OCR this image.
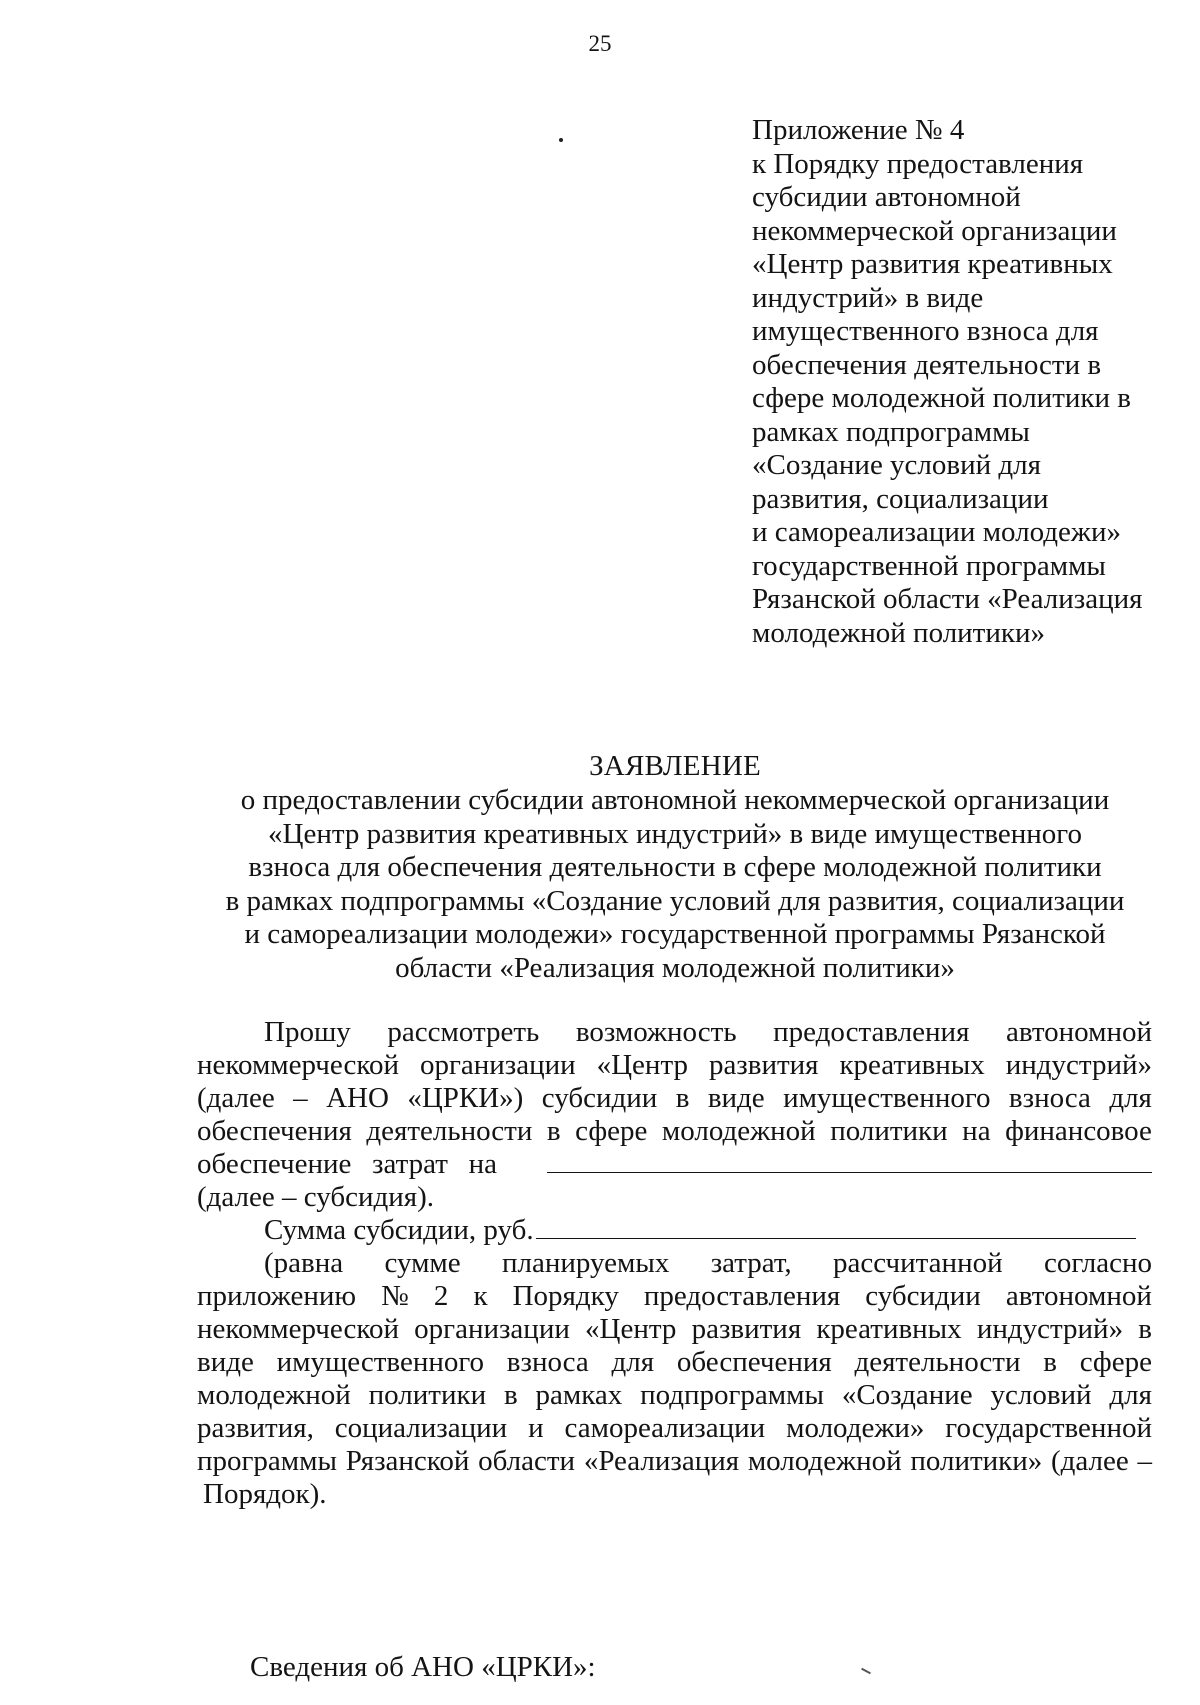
25
Приложение № 4
к Порядку предоставления
субсидии автономной
некоммерческой организации
«Центр развития креативных
индустрий» в виде
имущественного взноса для
обеспечения деятельности в
сфере молодежной политики в
рамках подпрограммы
«Создание условий для
развития, социализации
и самореализации молодежи»
государственной программы
Рязанской области «Реализация
молодежной политики»
ЗАЯВЛЕНИЕ
о предоставлении субсидии автономной некоммерческой организации
«Центр развития креативных индустрий» в виде имущественного
взноса для обеспечения деятельности в сфере молодежной политики
в рамках подпрограммы «Создание условий для развития, социализации
и самореализации молодежи» государственной программы Рязанской
области «Реализация молодежной политики»
Прошу рассмотреть возможность предоставления автономной
некоммерческой организации «Центр развития креативных индустрий»
(далее – АНО «ЦРКИ») субсидии в виде имущественного взноса для
обеспечения деятельности в сфере молодежной политики на финансовое
обеспечение затрат на
(далее – субсидия).
Сумма субсидии, руб.
(равна сумме планируемых затрат, рассчитанной согласно
приложению № 2 к Порядку предоставления субсидии автономной
некоммерческой организации «Центр развития креативных индустрий» в
виде имущественного взноса для обеспечения деятельности в сфере
молодежной политики в рамках подпрограммы «Создание условий для
развития, социализации и самореализации молодежи» государственной
программы Рязанской области «Реализация молодежной политики» (далее –
Порядок).
Сведения об АНО «ЦРКИ»:
